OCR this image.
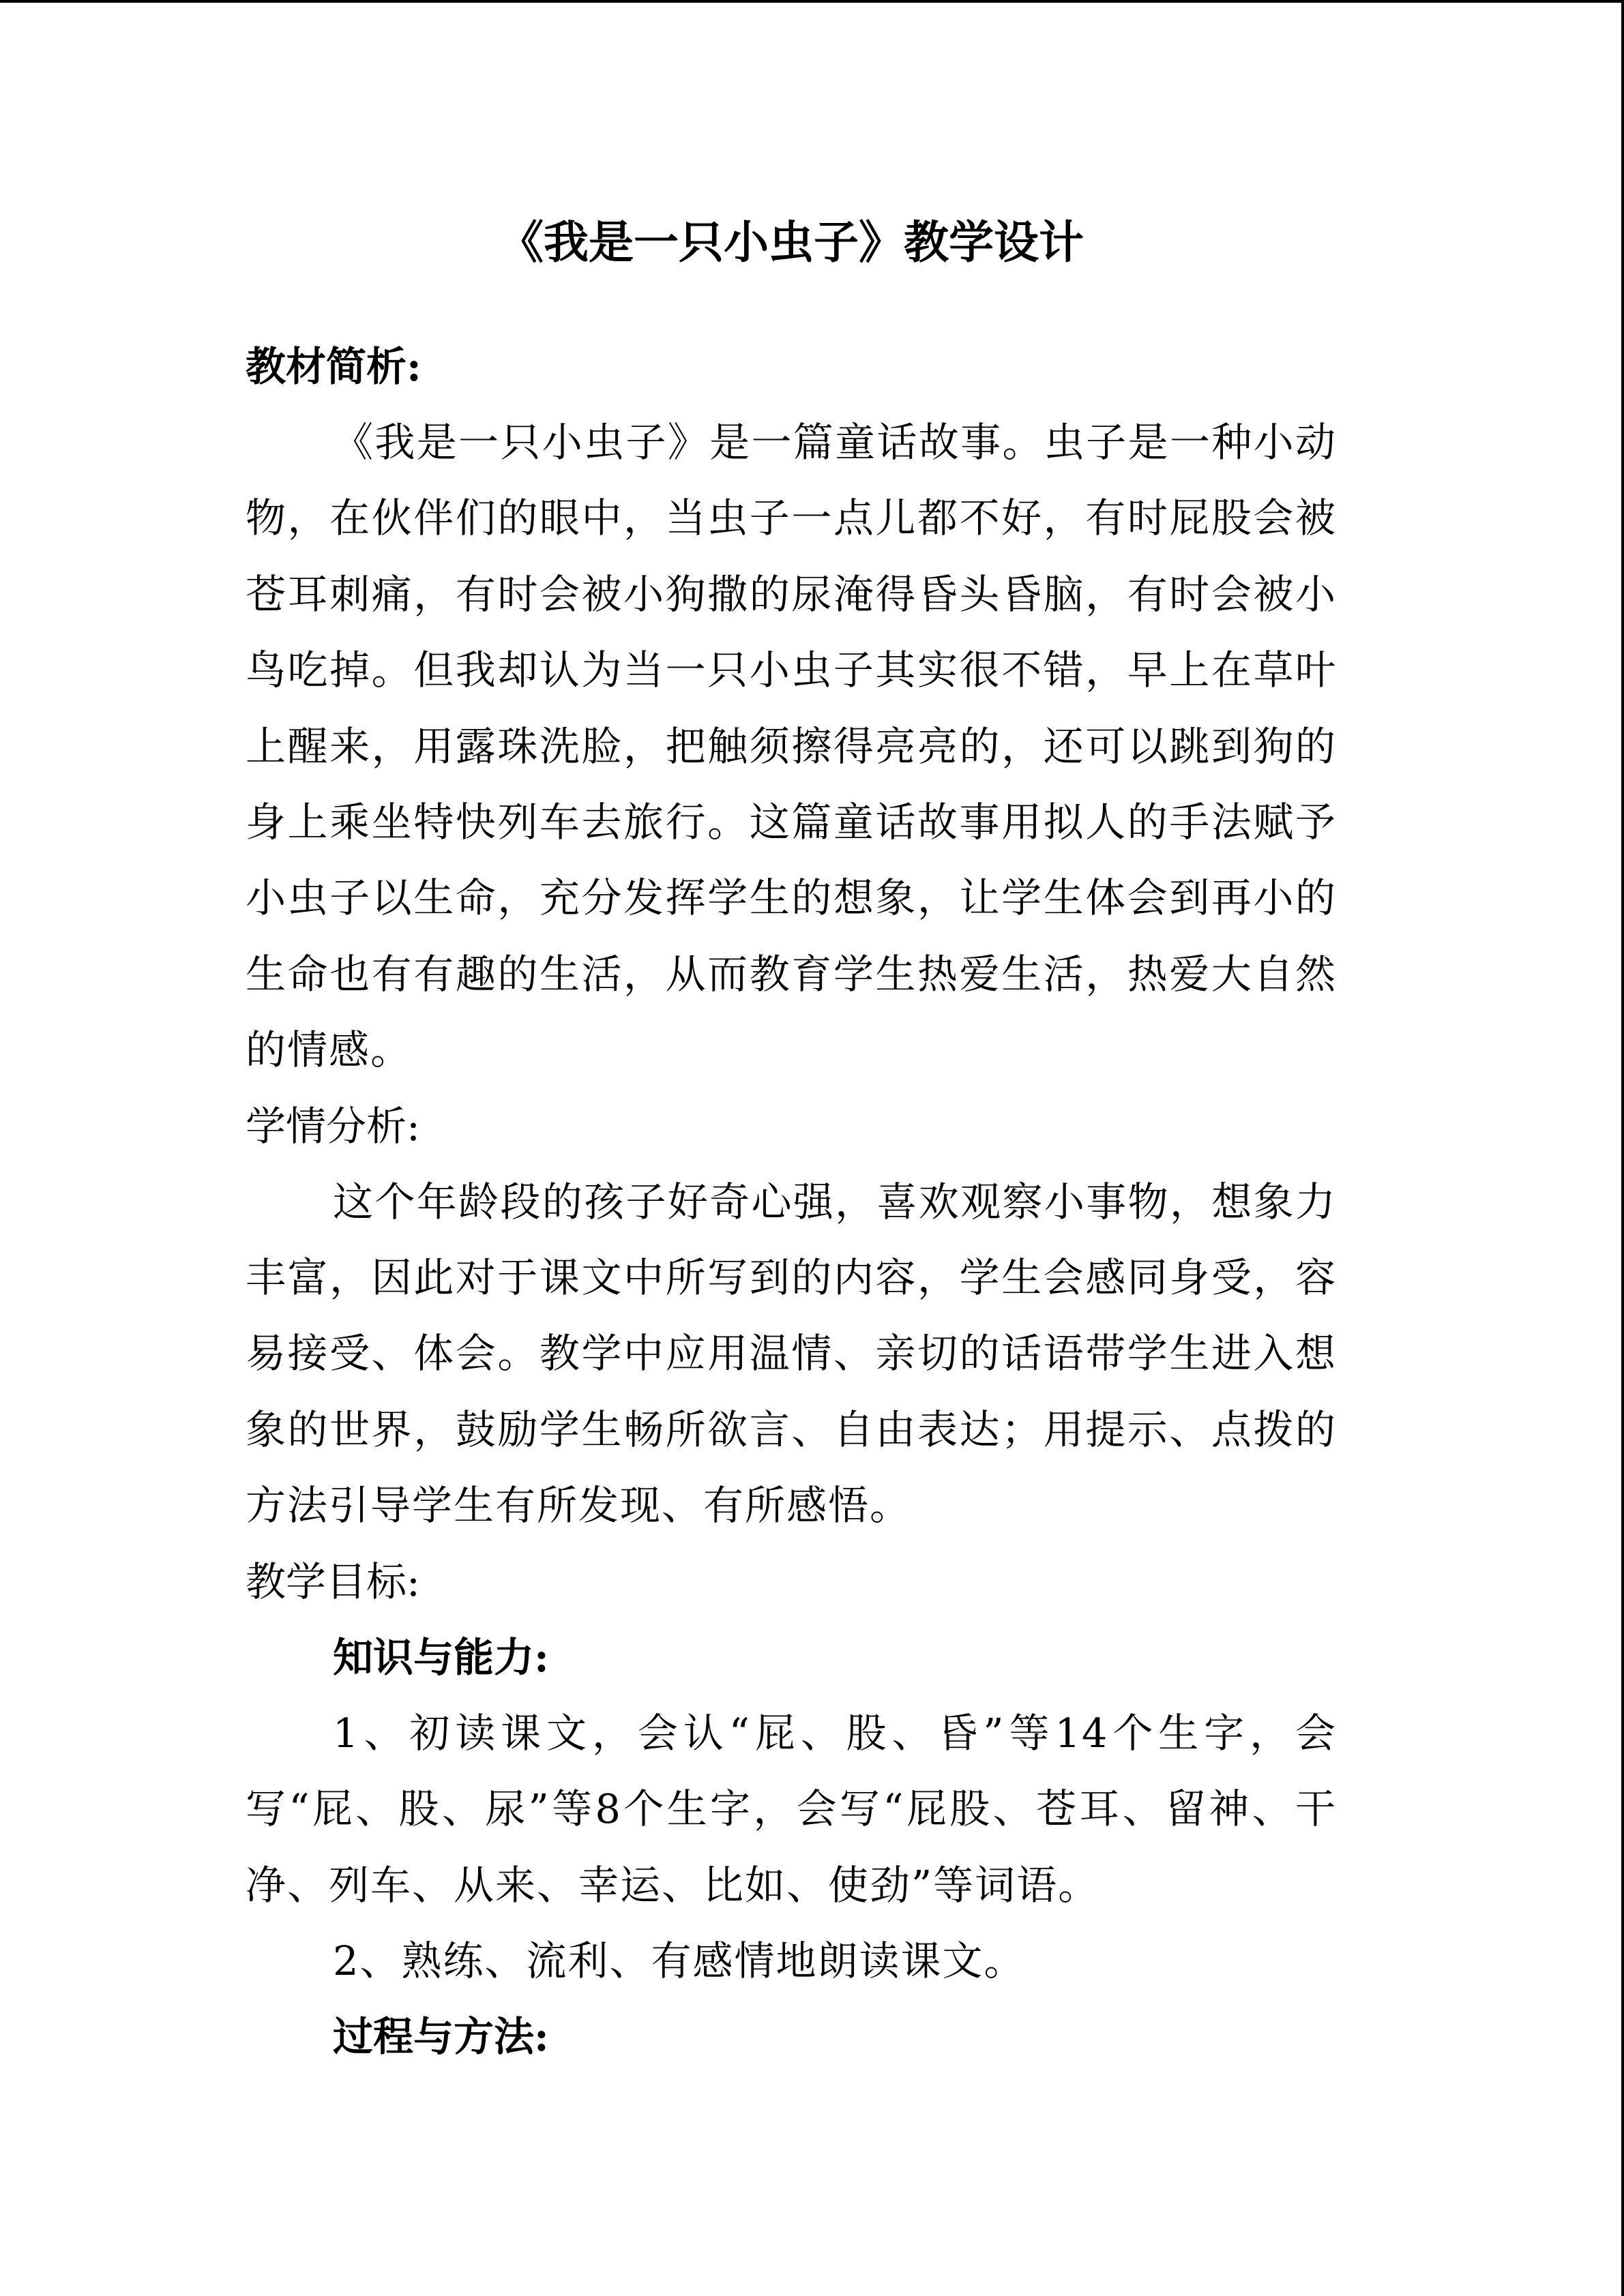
《我是一只小虫子》教学设计
教材简析:

《我是一只小虫子》是一篇童话故事。虫子是一种小动物，在伙伴们的眼中，当虫子一点儿都不好，有时屁股会被苍耳刺痛，有时会被小狗撒的尿淹得昏头昏脑，有时会被小鸟吃掉。但我却认为当一只小虫子其实很不错，早上在草叶上醒来，用露珠洗脸，把触须擦得亮亮的，还可以跳到狗的身上乘坐特快列车去旅行。这篇童话故事用拟人的手法赋予小虫子以生命，充分发挥学生的想象，让学生体会到再小的生命也有有趣的生活，从而教育学生热爱生活，热爱大自然的情感。

学情分析:

这个年龄段的孩子好奇心强，喜欢观察小事物，想象力丰富，因此对于课文中所写到的内容，学生会感同身受，容易接受、体会。教学中应用温情、亲切的话语带学生进入想象的世界，鼓励学生畅所欲言、自由表达；用提示、点拨的方法引导学生有所发现、有所感悟。

教学目标:
知识与能力:

1、初读课文，会认“屁、股、昏”等14个生字，会写“屁、股、尿”等8个生字，会写“屁股、苍耳、留神、干净、列车、从来、幸运、比如、使劲”等词语。

2、熟练、流利、有感情地朗读课文。

过程与方法:
